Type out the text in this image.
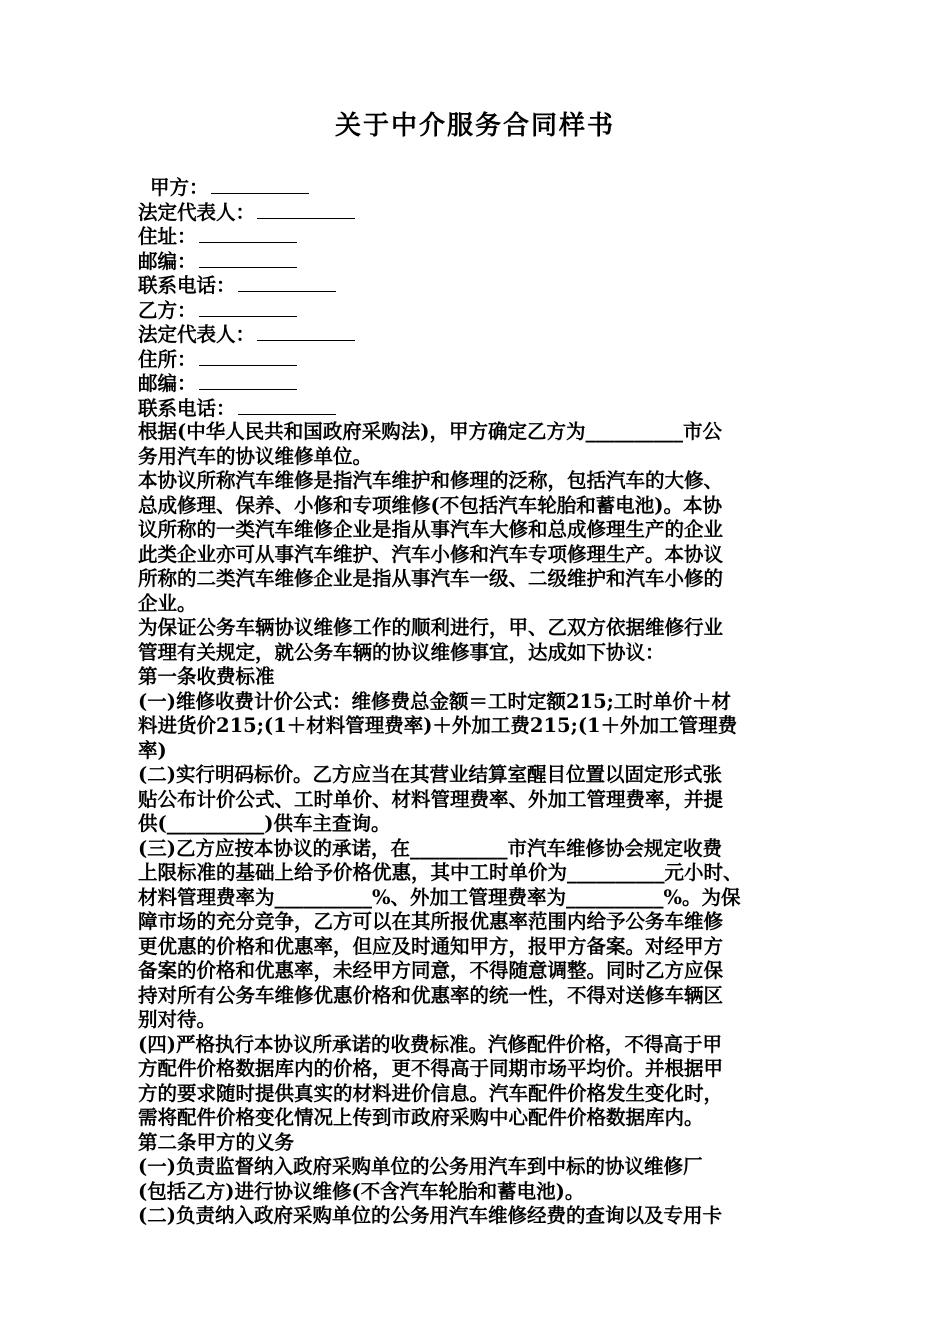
关于中介服务合同样书
甲方：
法定代表人：
住址：
邮编：
联系电话：
乙方：
法定代表人：
住所：
邮编：
联系电话：
根据(中华人民共和国政府采购法)，甲方确定乙方为__________市公
务用汽车的协议维修单位。
本协议所称汽车维修是指汽车维护和修理的泛称，包括汽车的大修、
总成修理、保养、小修和专项维修(不包括汽车轮胎和蓄电池)。本协
议所称的一类汽车维修企业是指从事汽车大修和总成修理生产的企业
此类企业亦可从事汽车维护、汽车小修和汽车专项修理生产。本协议
所称的二类汽车维修企业是指从事汽车一级、二级维护和汽车小修的
企业。
为保证公务车辆协议维修工作的顺利进行，甲、乙双方依据维修行业
管理有关规定，就公务车辆的协议维修事宜，达成如下协议：
第一条收费标准
(一)维修收费计价公式：维修费总金额＝工时定额215;工时单价＋材
料进货价215;(1＋材料管理费率)＋外加工费215;(1＋外加工管理费
率)
(二)实行明码标价。乙方应当在其营业结算室醒目位置以固定形式张
贴公布计价公式、工时单价、材料管理费率、外加工管理费率，并提
供(__________)供车主查询。
(三)乙方应按本协议的承诺，在__________市汽车维修协会规定收费
上限标准的基础上给予价格优惠，其中工时单价为__________元小时、
材料管理费率为__________%、外加工管理费率为__________%。为保
障市场的充分竞争，乙方可以在其所报优惠率范围内给予公务车维修
更优惠的价格和优惠率，但应及时通知甲方，报甲方备案。对经甲方
备案的价格和优惠率，未经甲方同意，不得随意调整。同时乙方应保
持对所有公务车维修优惠价格和优惠率的统一性，不得对送修车辆区
别对待。
(四)严格执行本协议所承诺的收费标准。汽修配件价格，不得高于甲
方配件价格数据库内的价格，更不得高于同期市场平均价。并根据甲
方的要求随时提供真实的材料进价信息。汽车配件价格发生变化时，
需将配件价格变化情况上传到市政府采购中心配件价格数据库内。
第二条甲方的义务
(一)负责监督纳入政府采购单位的公务用汽车到中标的协议维修厂
(包括乙方)进行协议维修(不含汽车轮胎和蓄电池)。
(二)负责纳入政府采购单位的公务用汽车维修经费的查询以及专用卡
